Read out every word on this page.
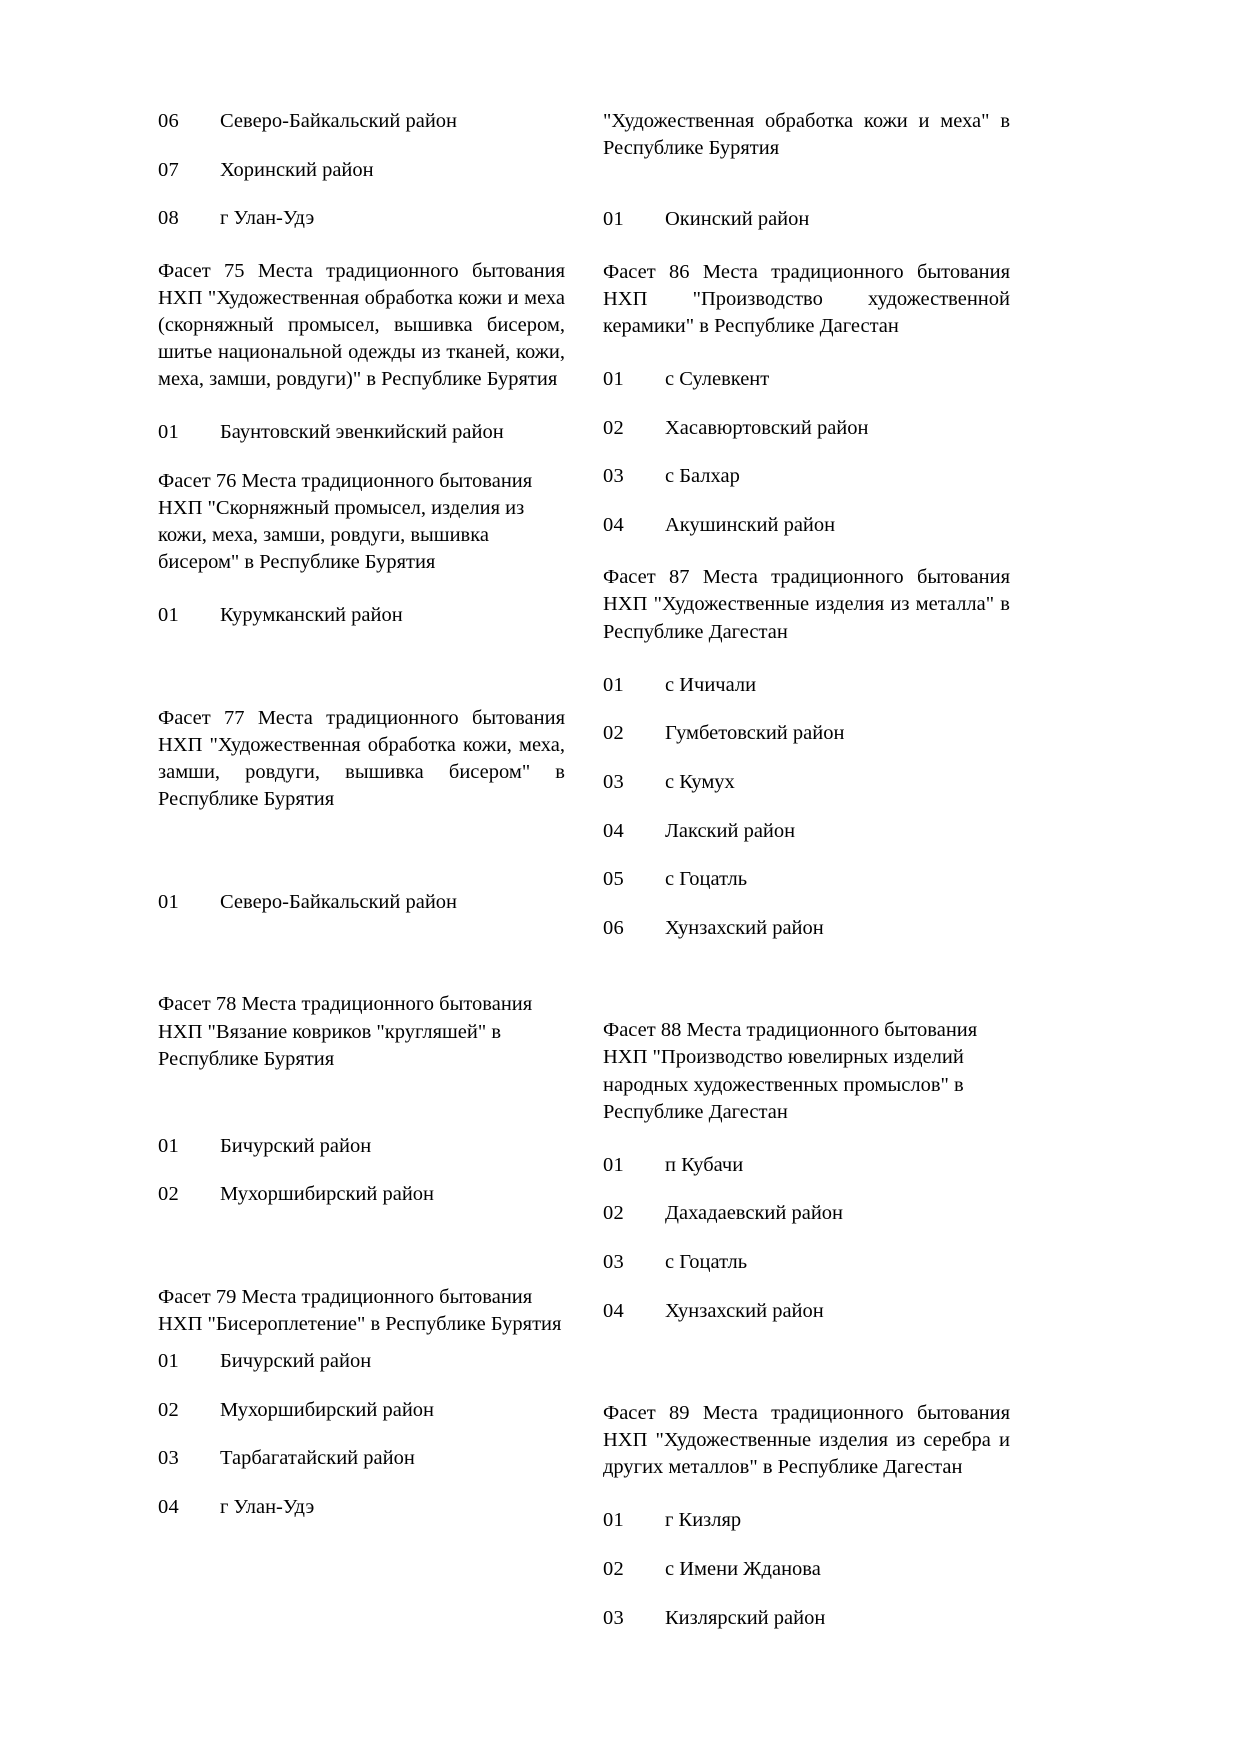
06	Северо-Байкальский район
07	Хоринский район
08	г Улан-Удэ
Фасет 75 Места традиционного бытования НХП "Художественная обработка кожи и меха (скорняжный промысел, вышивка бисером, шитье национальной одежды из тканей, кожи, меха, замши, ровдуги)" в Республике Бурятия
01	Баунтовский эвенкийский район
Фасет 76 Места традиционного бытования НХП "Скорняжный промысел, изделия из кожи, меха, замши, ровдуги, вышивка бисером" в Республике Бурятия
01	Курумканский район
Фасет 77 Места традиционного бытования НХП "Художественная обработка кожи, меха, замши, ровдуги, вышивка бисером" в Республике Бурятия
01	Северо-Байкальский район
Фасет 78 Места традиционного бытования НХП "Вязание ковриков "кругляшей" в Республике Бурятия
01	Бичурский район
02	Мухоршибирский район
Фасет 79 Места традиционного бытования НХП "Бисероплетение" в Республике Бурятия
01	Бичурский район
02	Мухоршибирский район
03	Тарбагатайский район
04	г Улан-Удэ
"Художественная обработка кожи и меха" в Республике Бурятия
01	Окинский район
Фасет 86 Места традиционного бытования НХП "Производство художественной керамики" в Республике Дагестан
01	с Сулевкент
02	Хасавюртовский район
03	с Балхар
04	Акушинский район
Фасет 87 Места традиционного бытования НХП "Художественные изделия из металла" в Республике Дагестан
01	с Ичичали
02	Гумбетовский район
03	с Кумух
04	Лакский район
05	с Гоцатль
06	Хунзахский район
Фасет 88 Места традиционного бытования НХП "Производство ювелирных изделий народных художественных промыслов" в Республике Дагестан
01	п Кубачи
02	Дахадаевский район
03	с Гоцатль
04	Хунзахский район
Фасет 89 Места традиционного бытования НХП "Художественные изделия из серебра и других металлов" в Республике Дагестан
01	г Кизляр
02	с Имени Жданова
03	Кизлярский район
